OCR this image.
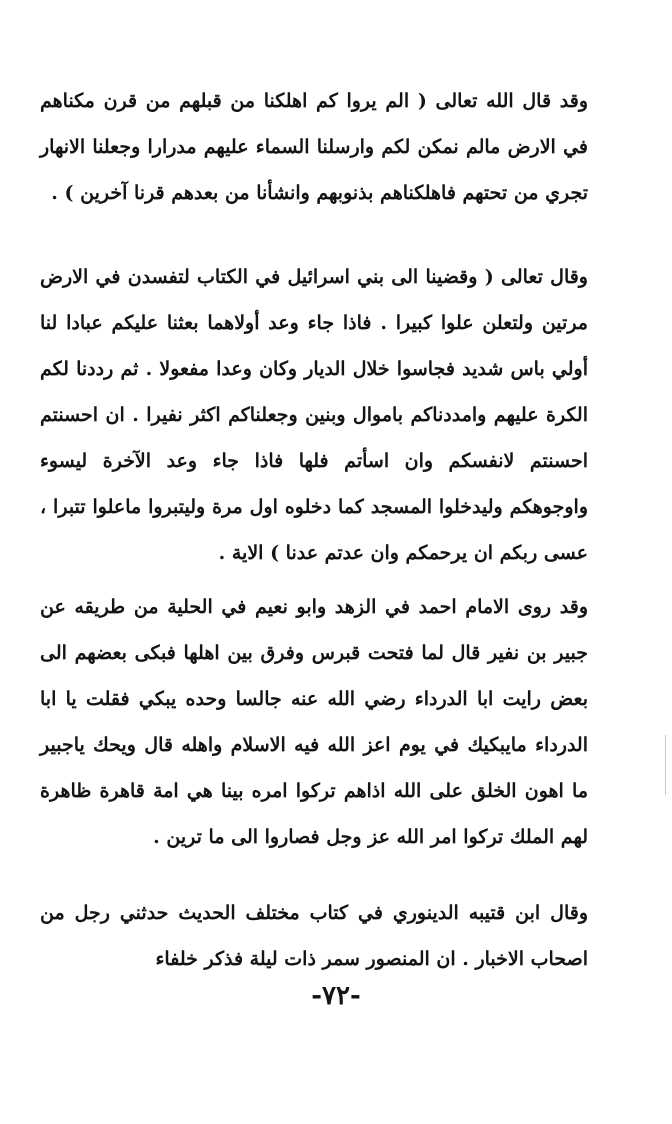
وقد قال الله تعالى ( الم يروا كم اهلكنا من قبلهم من قرن مكناهم في الارض مالم نمكن لكم وارسلنا السماء عليهم مدرارا وجعلنا الانهار تجري من تحتهم فاهلكناهم بذنوبهم وانشأنا من بعدهم قرنا آخرين ) .

وقال تعالى ( وقضينا الى بني اسرائيل في الكتاب لتفسدن في الارض مرتين ولتعلن علوا كبيرا . فاذا جاء وعد أولاهما بعثنا عليكم عبادا لنا أولي باس شديد فجاسوا خلال الديار وكان وعدا مفعولا . ثم رددنا لكم الكرة عليهم وامددناكم باموال وبنين وجعلناكم اكثر نفيرا . ان احسنتم احسنتم لانفسكم وان اسأتم فلها فاذا جاء وعد الآخرة ليسوء واوجوهكم وليدخلوا المسجد كما دخلوه اول مرة وليتبروا ماعلوا تتبرا ، عسى ربكم ان يرحمكم وان عدتم عدنا ) الاية .

وقد روى الامام احمد في الزهد وابو نعيم في الحلية من طريقه عن جبير بن نفير قال لما فتحت قبرس وفرق بين اهلها فبكى بعضهم الى بعض رايت ابا الدرداء رضي الله عنه جالسا وحده يبكي فقلت يا ابا الدرداء مايبكيك في يوم اعز الله فيه الاسلام واهله قال ويحك ياجبير ما اهون الخلق على الله اذاهم تركوا امره بينا هي امة قاهرة ظاهرة لهم الملك تركوا امر الله عز وجل فصاروا الى ما ترين .

وقال ابن قتيبه الدينوري في كتاب مختلف الحديث حدثني رجل من اصحاب الاخبار . ان المنصور سمر ذات ليلة فذكر خلفاء

-٧٢-
